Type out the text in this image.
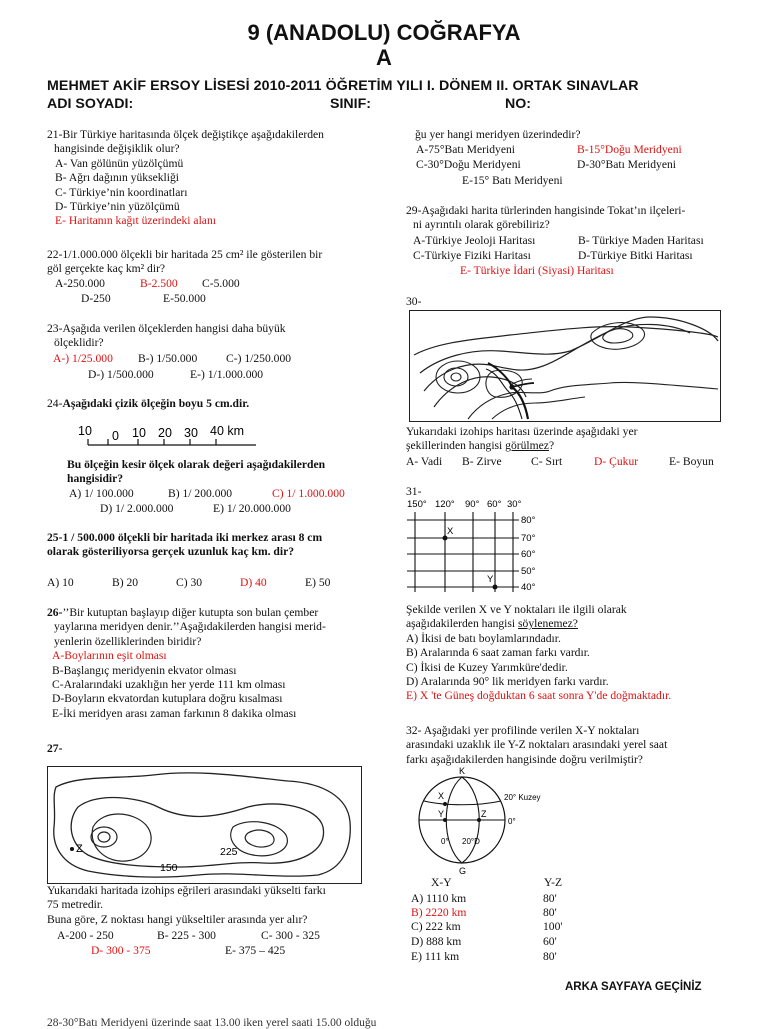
9 (ANADOLU) COĞRAFYA
A
MEHMET AKİF ERSOY LİSESİ 2010-2011 ÖĞRETİM YILI I. DÖNEM II. ORTAK SINAVLAR
ADI SOYADI:	SINIF:	NO:

21-Bir Türkiye haritasında ölçek değiştikçe aşağıdakilerden

hangisinde değişiklik olur?

A- Van gölünün yüzölçümü

B- Ağrı dağının yüksekliği

C- Türkiye’nin koordinatları

D- Türkiye’nin yüzölçümü

E- Haritanın kağıt üzerindeki alanı

22-1/1.000.000 ölçekli bir haritada 25 cm² ile gösterilen bir

göl gerçekte kaç km² dir?

A-250.000	B-2.500 C-5.000
D-250	E-50.000

23-Aşağıda verilen ölçeklerden hangisi daha büyük

ölçeklidir?

A-) 1/25.000 B-) 1/50.000 C-) 1/250.000
D-) 1/500.000	E-) 1/1.000.000

24-Aşağıdaki çizik ölçeğin boyu 5 cm.dir.

10 0 10 20 30 40 km

Bu ölçeğin kesir ölçek olarak değeri aşağıdakilerden

hangisidir?

A) 1/ 100.000	B) 1/ 200.000	C) 1/ 1.000.000
D) 1/ 2.000.000	E) 1/ 20.000.000

25-1 / 500.000 ölçekli bir haritada iki merkez arası 8 cm

olarak gösteriliyorsa gerçek uzunluk kaç km. dir?

A) 10	B) 20	C) 30	D) 40	E) 50

26-’’Bir kutuptan başlayıp diğer kutupta son bulan çember

yaylarına meridyen denir.’’Aşağıdakilerden hangisi merid-

yenlerin özelliklerinden biridir?

A-Boylarının eşit olması

B-Başlangıç meridyenin ekvator olması

C-Aralarındaki uzaklığın her yerde 111 km olması

D-Boyların ekvatordan kutuplara doğru kısalması

E-İki meridyen arası zaman farkının 8 dakika olması

27-
Z	225
150

Yukarıdaki haritada izohips eğrileri arasındaki yükselti farkı

75 metredir.

Buna göre, Z noktası hangi yükseltiler arasında yer alır?

A-200 - 250	B- 225 - 300	C- 300 - 325
D- 300 - 375	E- 375 – 425

ğu yer hangi meridyen üzerindedir?

A-75°Batı Meridyeni	B-15°Doğu Meridyeni
C-30°Doğu Meridyeni	D-30°Batı Meridyeni
E-15° Batı Meridyeni

29-Aşağıdaki harita türlerinden hangisinde Tokat’ın ilçeleri-

ni ayrıntılı olarak görebiliriz?

A-Türkiye Jeoloji Haritası	B- Türkiye Maden Haritası
C-Türkiye Fiziki Haritası	D-Türkiye Bitki Haritası
E- Türkiye İdari (Siyasi) Haritası
30-

Yukarıdaki izohips haritası üzerinde aşağıdaki yer

şekillerinden hangisi görülmez?

A- Vadi B- Zirve	C- Sırt	D- Çukur	E- Boyun
31-
150° 120° 90° 60° 30°
80°
70°
60°
50°
40°
X
Y

Şekilde verilen X ve Y noktaları ile ilgili olarak

aşağıdakilerden hangisi söylenemez?

A) İkisi de batı boylamlarındadır.

B) Aralarında 6 saat zaman farkı vardır.

C) İkisi de Kuzey Yarımküre'dedir.

D) Aralarında 90° lik meridyen farkı vardır.

E) X 'te Güneş doğduktan 6 saat sonra Y'de doğmaktadır.

32- Aşağıdaki yer profilinde verilen X-Y noktaları

arasındaki uzaklık ile Y-Z noktaları arasındaki yerel saat

farkı aşağıdakilerden hangisinde doğru verilmiştir?

K
X
Y	Z
20° Kuzey
0°
0° 20°D
G
X-Y	Y-Z
A) 1110 km	80'
B) 2220 km	80'
C) 222 km	100'
D) 888 km	60'
E) 111 km	80'
ARKA SAYFAYA GEÇİNİZ
28-30°Batı Meridyeni üzerinde saat 13.00 iken yerel saati 15.00 olduğu
